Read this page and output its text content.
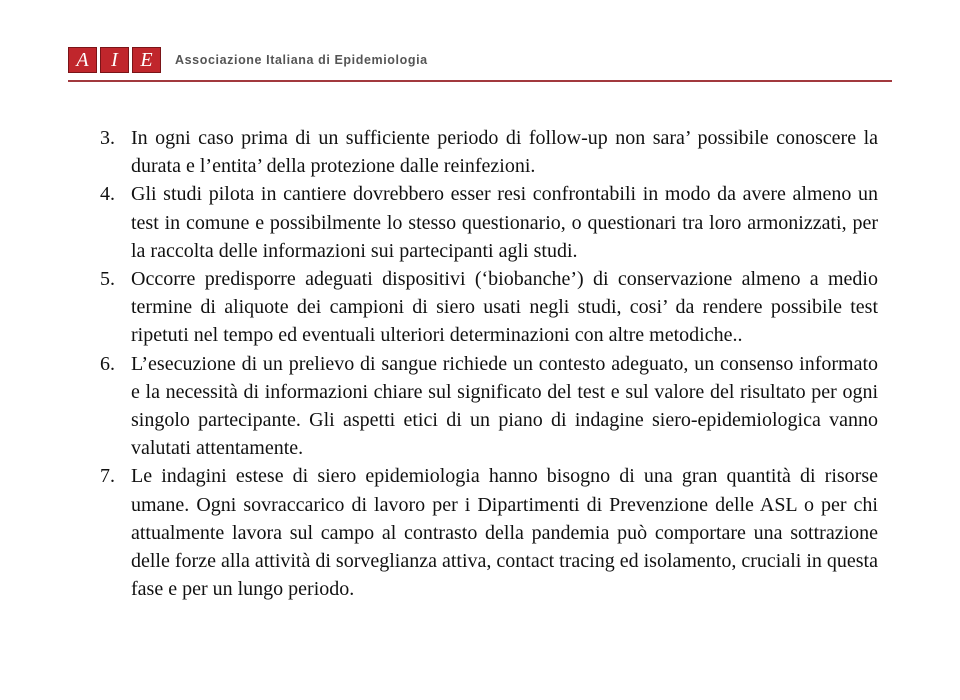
A	I	E	Associazione Italiana di Epidemiologia
3. In ogni caso prima di un sufficiente periodo di follow-up non sara’ possibile conoscere la durata e l’entita’ della protezione dalle reinfezioni.
4. Gli studi pilota in cantiere dovrebbero esser resi confrontabili in modo da avere almeno un test in comune e possibilmente lo stesso questionario, o questionari tra loro armonizzati, per la raccolta delle informazioni sui partecipanti agli studi.
5. Occorre predisporre adeguati dispositivi (‘biobanche’) di conservazione almeno a medio termine di aliquote dei campioni di siero usati negli studi, cosi’ da rendere possibile test ripetuti nel tempo ed eventuali ulteriori determinazioni con altre metodiche..
6. L’esecuzione di un prelievo di sangue richiede un contesto adeguato, un consenso informato e la necessità di informazioni chiare sul significato del test e sul valore del risultato per ogni singolo partecipante. Gli aspetti etici di un piano di indagine siero-epidemiologica vanno valutati attentamente.
7. Le indagini estese di siero epidemiologia hanno bisogno di una gran quantità di risorse umane. Ogni sovraccarico di lavoro per i Dipartimenti di Prevenzione delle ASL o per chi attualmente lavora sul campo al contrasto della pandemia può comportare una sottrazione delle forze alla attività di sorveglianza attiva, contact tracing ed isolamento, cruciali in questa fase e per un lungo periodo.
